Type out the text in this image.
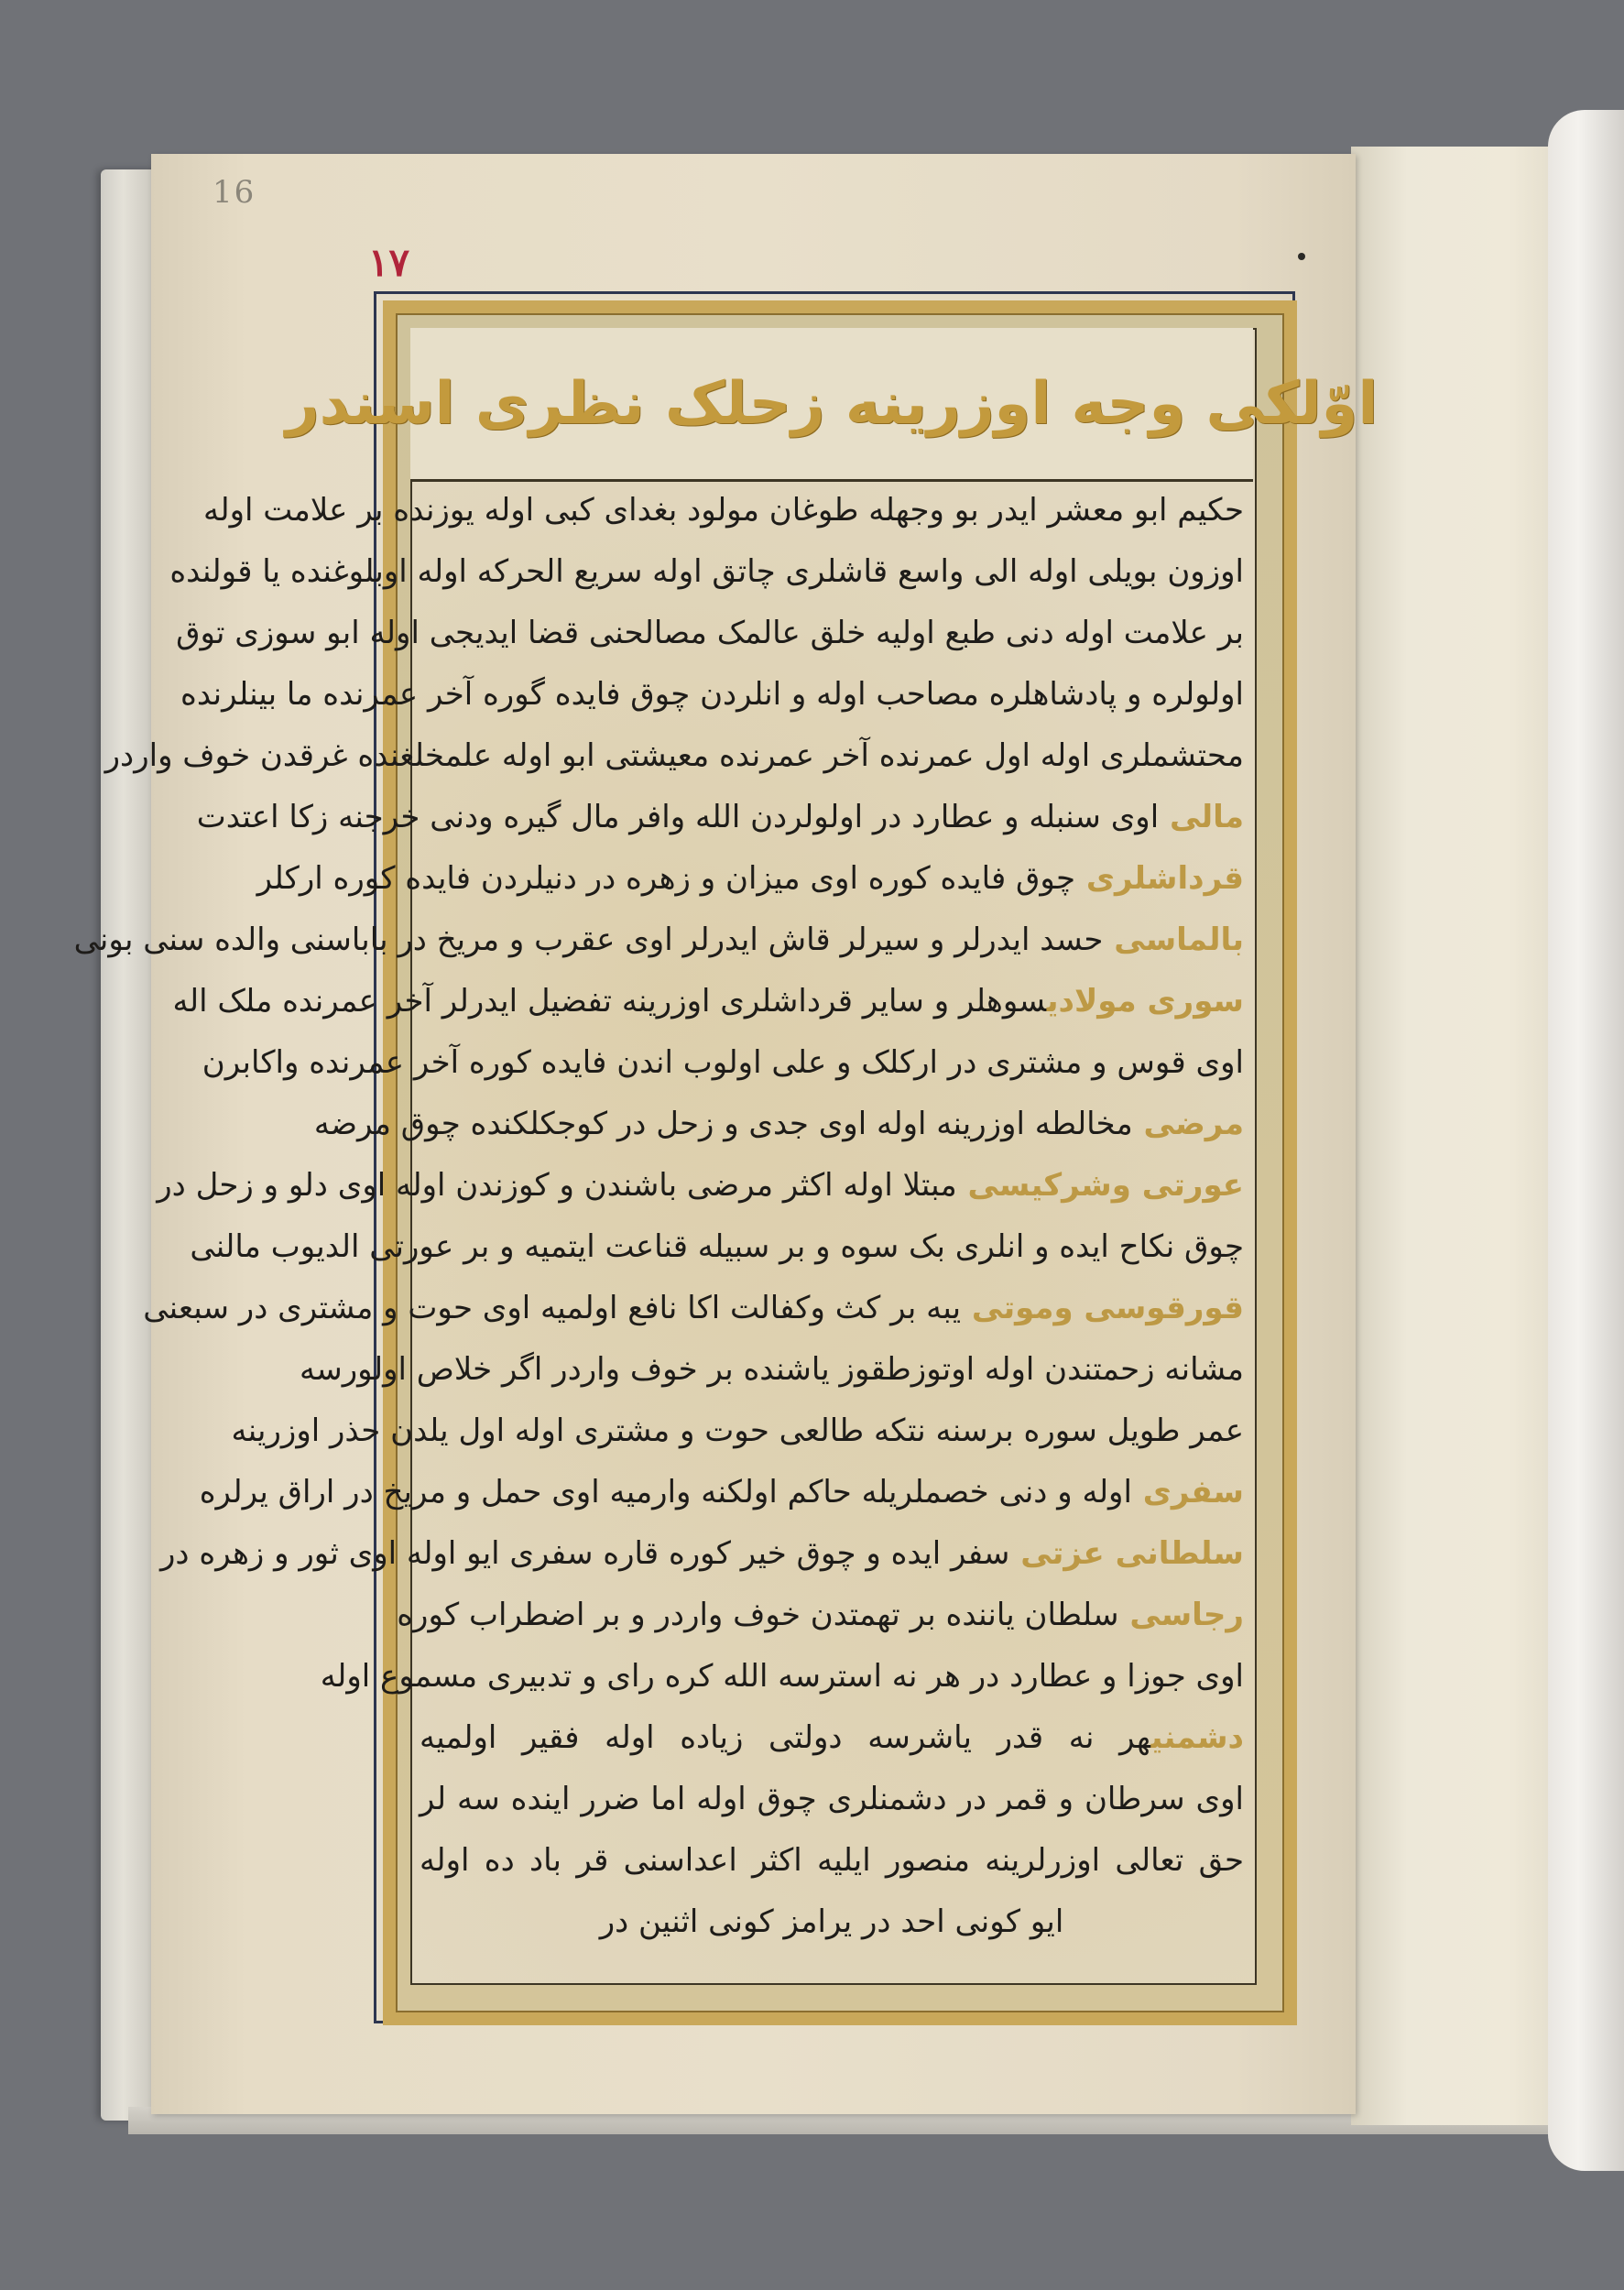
16
١٧
اوّلکی وجه اوزرینه زحلک نظری اسندر
حکیم ابو معشر ایدر بو وجهله طوغان مولود بغدای کبی اوله یوزنده بر علامت اوله
اوزون بویلی اوله الی واسع قاشلری چاتق اوله سریع الحرکه اوله اوبلوغنده یا قولنده
بر علامت اوله دنی طبع اولیه خلق عالمک مصالحنی قضا ایدیجی اوله ابو سوزی توق
اولولره و پادشاهلره مصاحب اوله و انلردن چوق فایده گوره آخر عمرنده ما بینلرنده
محتشملری اوله اول عمرنده آخر عمرنده معیشتی ابو اوله علمخلغنده غرقدن خوف واردر
مالی اوی سنبله و عطارد در اولولردن الله وافر مال گیره ودنی خرجنه زکا اعتدت
قرداشلری چوق فایده کوره اوی میزان و زهره در دنیلردن فایده کوره ارکلر
بالماسی حسد ایدرلر و سیرلر قاش ایدرلر اوی عقرب و مریخ در باباسنی والده سنی بونی
سوری مولادیسوهلر و سایر قرداشلری اوزرینه تفضیل ایدرلر آخر عمرنده ملک اله
اوی قوس و مشتری در ارکلک و علی اولوب اندن فایده کوره آخر عمرنده واکابرن
مرضی مخالطه اوزرینه اوله اوی جدی و زحل در کوجکلکنده چوق مرضه
عورتی وشرکیسی مبتلا اوله اکثر مرضی باشندن و کوزندن اوله اوی دلو و زحل در
چوق نکاح ایده و انلری بک سوه و بر سبیله قناعت ایتمیه و بر عورتی الدیوب مالنی
قورقوسی وموتی یبه بر کث وکفالت اکا نافع اولمیه اوی حوت و مشتری در سبعنی
مشانه زحمتندن اوله اوتوزطقوز یاشنده بر خوف واردر اگر خلاص اولورسه
عمر طویل سوره برسنه نتکه طالعی حوت و مشتری اوله اول یلدن حذر اوزرینه
سفری اوله و دنی خصملریله حاکم اولکنه وارمیه اوی حمل و مریخ در اراق یرلره
سلطانی عزتی سفر ایده و چوق خیر کوره قاره سفری ایو اوله اوی ثور و زهره در
رجاسی سلطان یاننده بر تهمتدن خوف واردر و بر اضطراب کوره
اوی جوزا و عطارد در هر نه استرسه الله کره رای و تدبیری مسموع اوله
دشمنیهر نه قدر یاشرسه دولتی زیاده اوله فقیر اولمیه
اوی سرطان و قمر در دشمنلری چوق اوله اما ضرر اینده سه لر
حق تعالی اوزرلرینه منصور ایلیه اکثر اعداسنی قر باد ده اوله
ایو کونی احد در یرامز کونی اثنین در
